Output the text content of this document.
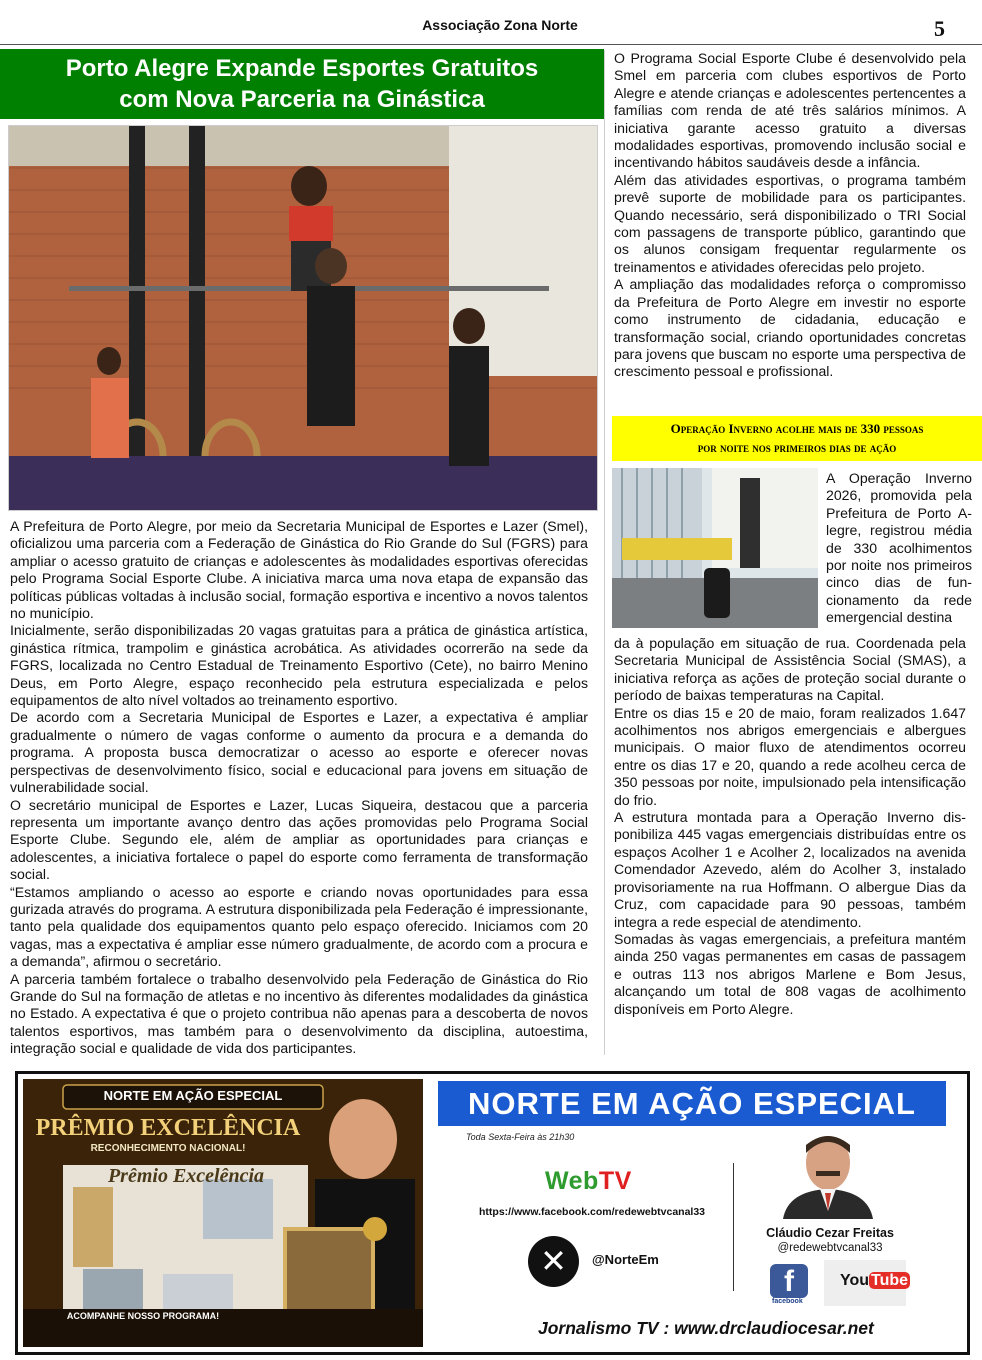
Associação Zona Norte	5
Porto Alegre Expande Esportes Gratuitos
com Nova Parceria na Ginástica

A Prefeitura de Porto Alegre, por meio da Secretaria Municipal de Esportes e Lazer (Smel), oficializou uma parceria com a Federação de Ginástica do Rio Grande do Sul (FGRS) para ampliar o acesso gratuito de crianças e adolescentes às modalidades esportivas oferecidas pelo Programa Social Esporte Clube. A iniciativa marca uma nova etapa de expansão das políticas públicas voltadas à inclusão social, formação esportiva e incentivo a novos talentos no município.

Inicialmente, serão disponibilizadas 20 vagas gratuitas para a prática de ginástica artística, ginástica rítmica, trampolim e ginástica acrobática. As atividades ocorrerão na sede da FGRS, localizada no Centro Estadual de Treinamento Esportivo (Cete), no bairro Menino Deus, em Porto Alegre, espaço reconhecido pela estrutura especializada e pelos equipamentos de alto nível voltados ao treinamento esportivo.

De acordo com a Secretaria Municipal de Esportes e Lazer, a expectativa é ampliar gradualmente o número de vagas conforme o aumento da procura e a demanda do programa. A proposta busca democratizar o acesso ao esporte e oferecer novas perspectivas de desenvolvimento físico, social e educacional para jovens em situação de vulnerabilidade social.

O secretário municipal de Esportes e Lazer, Lucas Siqueira, destacou que a parceria representa um importante avanço dentro das ações promovidas pelo Programa Social Esporte Clube. Segundo ele, além de ampliar as oportunidades para crianças e adolescentes, a iniciativa fortalece o papel do esporte como ferramenta de transformação social.

“Estamos ampliando o acesso ao esporte e criando novas oportunidades para essa gurizada através do programa. A estrutura disponibilizada pela Federação é impressionante, tanto pela qualidade dos equipamentos quanto pelo espaço oferecido. Iniciamos com 20 vagas, mas a expectativa é ampliar esse número gradualmente, de acordo com a procura e a demanda”, afirmou o secretário.

A parceria também fortalece o trabalho desenvolvido pela Federação de Ginástica do Rio Grande do Sul na formação de atletas e no incentivo às diferentes modalidades da ginástica no Estado. A expectativa é que o projeto contribua não apenas para a descoberta de novos talentos esportivos, mas também para o desenvolvimento da disciplina, autoestima, integração social e qualidade de vida dos participantes.

O Programa Social Esporte Clube é desenvolvido pela Smel em parceria com clubes esportivos de Porto Alegre e atende crianças e adolescentes pertencentes a famílias com renda de até três salários mínimos. A iniciativa garante acesso gratuito a diversas modalidades esportivas, promovendo inclusão social e incentivando hábitos saudáveis desde a infância.

Além das atividades esportivas, o programa também prevê suporte de mobilidade para os participantes. Quando necessário, será disponibilizado o TRI Social com passagens de transporte público, garantindo que os alunos consigam frequentar regularmente os treinamentos e atividades oferecidas pelo projeto.

A ampliação das modalidades reforça o compromisso da Prefeitura de Porto Alegre em investir no esporte como instrumento de cidadania, educação e transformação social, criando oportunidades concretas para jovens que buscam no esporte uma perspectiva de crescimento pessoal e profissional.

Operação Inverno acolhe mais de 330 pessoas
por noite nos primeiros dias de ação
A Operação Inverno 2026, promovida pela Prefeitura de Porto Alegre, registrou média de 330 acolhimentos por noite nos primeiros cinco dias de funcionamento da rede emergencial destina

da à população em situação de rua. Coordenada pela Secretaria Municipal de Assistência Social (SMAS), a iniciativa reforça as ações de proteção social durante o período de baixas temperaturas na Capital.

Entre os dias 15 e 20 de maio, foram realizados 1.647 acolhimentos nos abrigos emergenciais e albergues municipais. O maior fluxo de atendimentos ocorreu entre os dias 17 e 20, quando a rede acolheu cerca de 350 pessoas por noite, impulsionado pela intensificação do frio.

A estrutura montada para a Operação Inverno disponibiliza 445 vagas emergenciais distribuídas entre os espaços Acolher 1 e Acolher 2, localizados na avenida Comendador Azevedo, além do Acolher 3, instalado provisoriamente na rua Hoffmann. O albergue Dias da Cruz, com capacidade para 90 pessoas, também integra a rede especial de atendimento.

Somadas às vagas emergenciais, a prefeitura mantém ainda 250 vagas permanentes em casas de passagem e outras 113 nos abrigos Marlene e Bom Jesus, alcançando um total de 808 vagas de acolhimento disponíveis em Porto Alegre.

NORTE EM AÇÃO ESPECIAL
PRÊMIO EXCELÊNCIA
RECONHECIMENTO NACIONAL!
Prêmio Excelência
ACOMPANHE NOSSO PROGRAMA!
NORTE EM AÇÃO ESPECIAL
Toda Sexta-Feira às 21h30
WebTV
https://www.facebook.com/redewebtvcanal33
✕	@NorteEm
Cláudio Cezar Freitas
@redewebtvcanal33
f
facebook
You Tube
Jornalismo TV : www.drclaudiocesar.net
